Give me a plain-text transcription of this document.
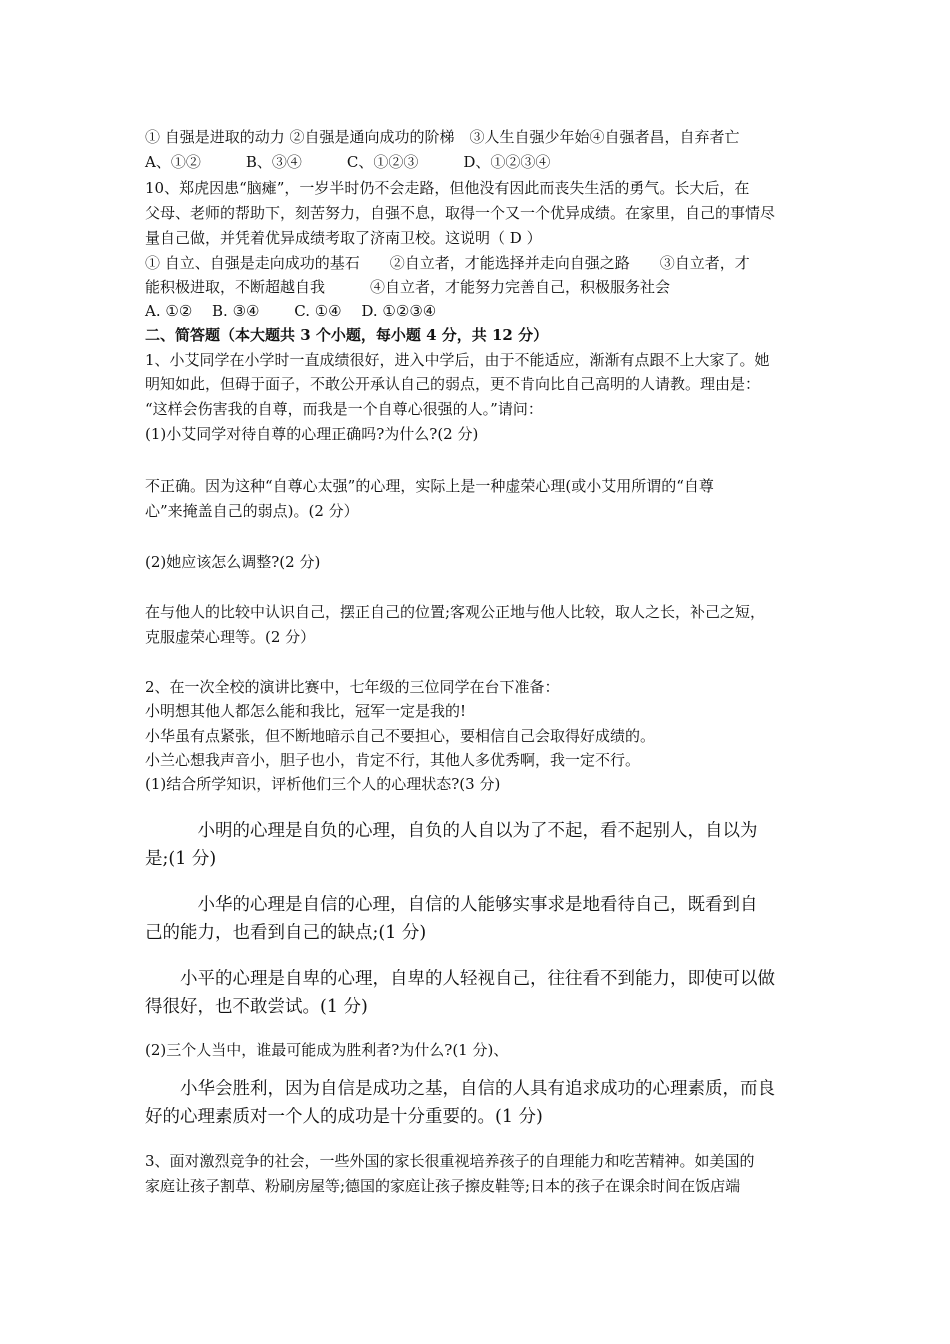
① 自强是进取的动力 ②自强是通向成功的阶梯　③人生自强少年始④自强者昌，自弃者亡
A、①②　　　B、③④　　　C、①②③　　　D、①②③④
10、郑虎因患“脑瘫”，一岁半时仍不会走路，但他没有因此而丧失生活的勇气。长大后，在
父母、老师的帮助下，刻苦努力，自强不息，取得一个又一个优异成绩。在家里，自己的事情尽
量自己做，并凭着优异成绩考取了济南卫校。这说明（ D ）
① 自立、自强是走向成功的基石　　②自立者，才能选择并走向自强之路　　③自立者，才
能积极进取，不断超越自我　　　④自立者，才能努力完善自己，积极服务社会
A. ①②　 B. ③④　　 C. ①④　 D. ①②③④
二、简答题（本大题共 3 个小题，每小题 4 分，共 12 分）
1、小艾同学在小学时一直成绩很好，进入中学后，由于不能适应，渐渐有点跟不上大家了。她
明知如此，但碍于面子，不敢公开承认自己的弱点，更不肯向比自己高明的人请教。理由是：
“这样会伤害我的自尊，而我是一个自尊心很强的人。”请问：
(1)小艾同学对待自尊的心理正确吗?为什么?(2 分)
不正确。因为这种“自尊心太强”的心理，实际上是一种虚荣心理(或小艾用所谓的“自尊
心”来掩盖自己的弱点)。(2 分）
(2)她应该怎么调整?(2 分)
在与他人的比较中认识自己，摆正自己的位置;客观公正地与他人比较，取人之长，补己之短，
克服虚荣心理等。(2 分）
2、在一次全校的演讲比赛中，七年级的三位同学在台下准备：
小明想其他人都怎么能和我比，冠军一定是我的!
小华虽有点紧张，但不断地暗示自己不要担心，要相信自己会取得好成绩的。
小兰心想我声音小，胆子也小，肯定不行，其他人多优秀啊，我一定不行。
(1)结合所学知识，评析他们三个人的心理状态?(3 分)
　　　小明的心理是自负的心理，自负的人自以为了不起，看不起别人，自以为
是;(1 分)
　　　小华的心理是自信的心理，自信的人能够实事求是地看待自己，既看到自
己的能力，也看到自己的缺点;(1 分)
　　小平的心理是自卑的心理，自卑的人轻视自己，往往看不到能力，即使可以做
得很好，也不敢尝试。(1 分)
(2)三个人当中，谁最可能成为胜利者?为什么?(1 分)、
　　小华会胜利，因为自信是成功之基，自信的人具有追求成功的心理素质，而良
好的心理素质对一个人的成功是十分重要的。(1 分)
3、面对激烈竞争的社会，一些外国的家长很重视培养孩子的自理能力和吃苦精神。如美国的
家庭让孩子割草、粉刷房屋等;德国的家庭让孩子擦皮鞋等;日本的孩子在课余时间在饭店端
